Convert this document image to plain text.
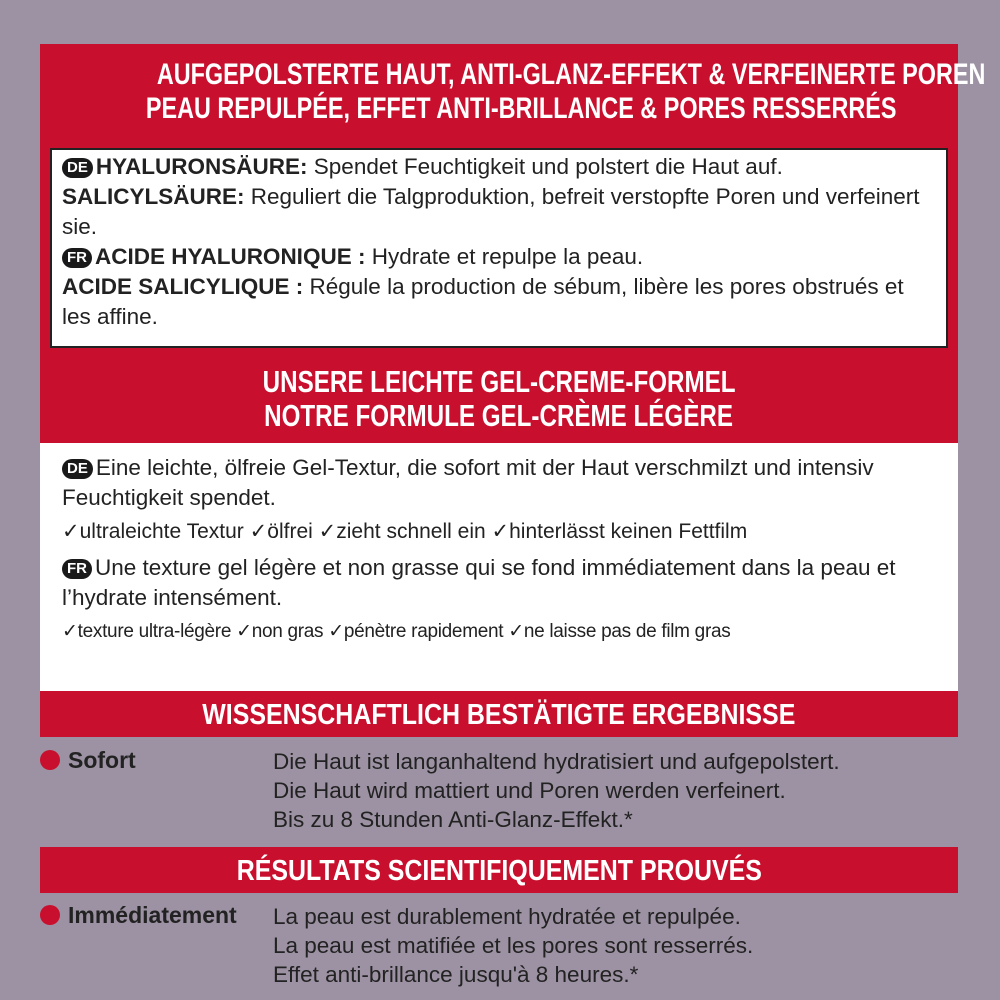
AUFGEPOLSTERTE HAUT, ANTI-GLANZ-EFFEKT & VERFEINERTE POREN
PEAU REPULPÉE, EFFET ANTI-BRILLANCE & PORES RESSERRÉS
DE HYALURONSÄURE: Spendet Feuchtigkeit und polstert die Haut auf. SALICYLSÄURE: Reguliert die Talgproduktion, befreit verstopfte Poren und verfeinert sie.
FR ACIDE HYALURONIQUE : Hydrate et repulpe la peau.
ACIDE SALICYLIQUE : Régule la production de sébum, libère les pores obstrués et les affine.
UNSERE LEICHTE GEL-CREME-FORMEL
NOTRE FORMULE GEL-CRÈME LÉGÈRE
DE Eine leichte, ölfreie Gel-Textur, die sofort mit der Haut verschmilzt und intensiv Feuchtigkeit spendet.
✓ultraleichte Textur ✓ölfrei ✓zieht schnell ein ✓hinterlässt keinen Fettfilm
FR Une texture gel légère et non grasse qui se fond immédiatement dans la peau et l’hydrate intensément.
✓texture ultra-légère ✓non gras ✓pénètre rapidement ✓ne laisse pas de film gras
WISSENSCHAFTLICH BESTÄTIGTE ERGEBNISSE
Sofort	Die Haut ist langanhaltend hydratisiert und aufgepolstert.
Die Haut wird mattiert und Poren werden verfeinert.
Bis zu 8 Stunden Anti-Glanz-Effekt.*
RÉSULTATS SCIENTIFIQUEMENT PROUVÉS
Immédiatement La peau est durablement hydratée et repulpée.
La peau est matifiée et les pores sont resserrés.
Effet anti-brillance jusqu'à 8 heures.*
